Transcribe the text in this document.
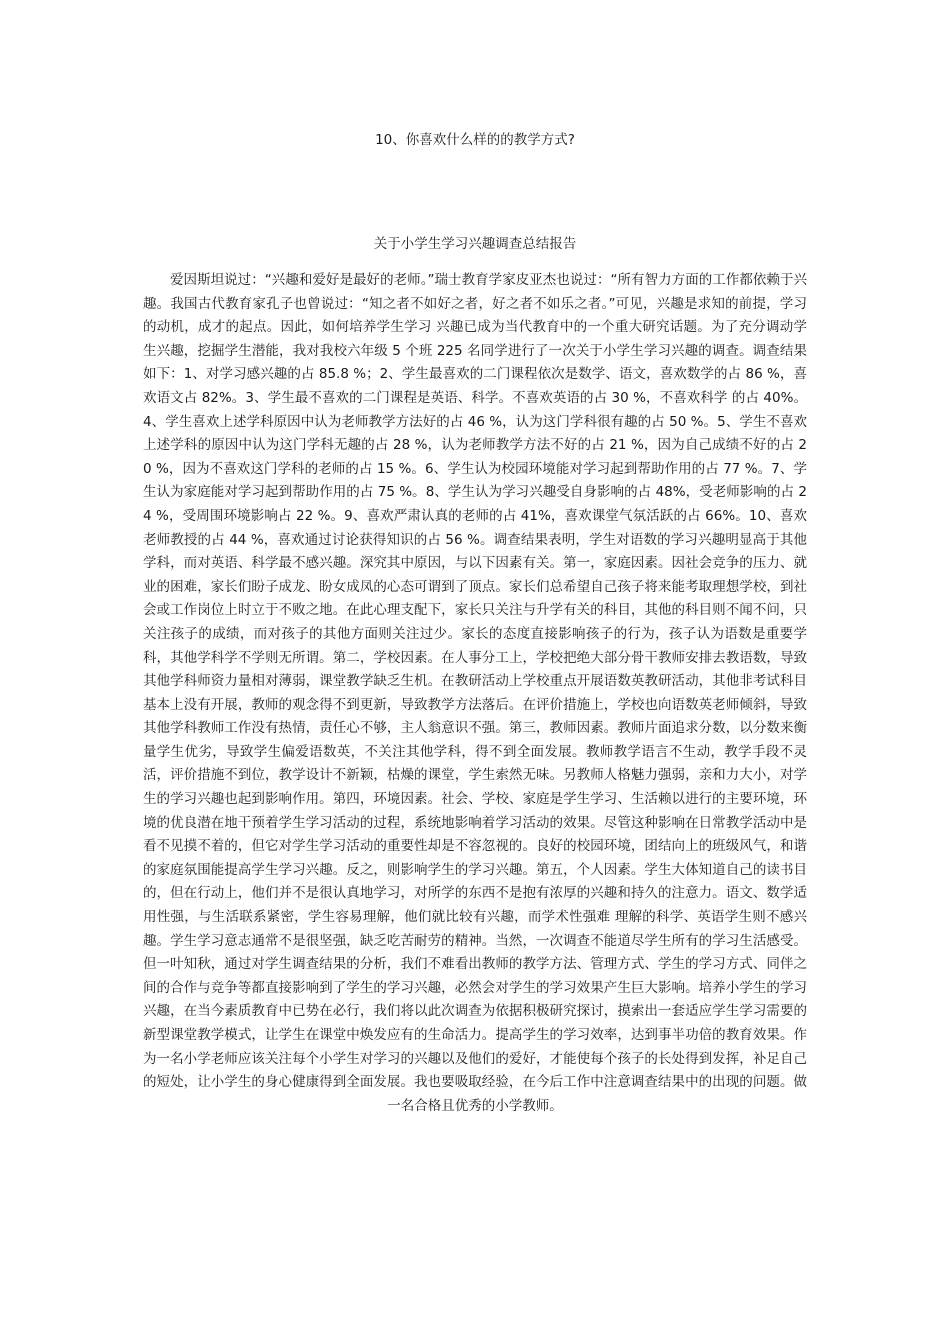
10、你喜欢什么样的的教学方式?
关于小学生学习兴趣调查总结报告

爱因斯坦说过：“兴趣和爱好是最好的老师。”瑞士教育学家皮亚杰也说过：“所有智力方面的工作都依赖于兴趣。我国古代教育家孔子也曾说过：“知之者不如好之者，好之者不如乐之者。”可见，兴趣是求知的前提，学习的动机，成才的起点。因此，如何培养学生学习 兴趣已成为当代教育中的一个重大研究话题。为了充分调动学生兴趣，挖掘学生潜能，我对我校六年级 5 个班 225 名同学进行了一次关于小学生学习兴趣的调查。调查结果如下：1、对学习感兴趣的占 85.8 %；2、学生最喜欢的二门课程依次是数学、语文，喜欢数学的占 86 %，喜欢语文占 82%。3、学生最不喜欢的二门课程是英语、科学。不喜欢英语的占 30 %，不喜欢科学 的占 40%。4、学生喜欢上述学科原因中认为老师教学方法好的占 46 %，认为这门学科很有趣的占 50 %。5、学生不喜欢上述学科的原因中认为这门学科无趣的占 28 %，认为老师教学方法不好的占 21 %，因为自己成绩不好的占 20 %，因为不喜欢这门学科的老师的占 15 %。6、学生认为校园环境能对学习起到帮助作用的占 77 %。7、学生认为家庭能对学习起到帮助作用的占 75 %。8、学生认为学习兴趣受自身影响的占 48%，受老师影响的占 24 %，受周围环境影响占 22 %。9、喜欢严肃认真的老师的占 41%，喜欢课堂气氛活跃的占 66%。10、喜欢老师教授的占 44 %，喜欢通过讨论获得知识的占 56 %。调查结果表明，学生对语数的学习兴趣明显高于其他学科，而对英语、科学最不感兴趣。深究其中原因，与以下因素有关。第一，家庭因素。因社会竞争的压力、就业的困难，家长们盼子成龙、盼女成凤的心态可谓到了顶点。家长们总希望自己孩子将来能考取理想学校，到社会或工作岗位上时立于不败之地。在此心理支配下，家长只关注与升学有关的科目，其他的科目则不闻不问，只关注孩子的成绩，而对孩子的其他方面则关注过少。家长的态度直接影响孩子的行为，孩子认为语数是重要学科，其他学科学不学则无所谓。第二，学校因素。在人事分工上，学校把绝大部分骨干教师安排去教语数，导致其他学科师资力量相对薄弱，课堂教学缺乏生机。在教研活动上学校重点开展语数英教研活动，其他非考试科目基本上没有开展，教师的观念得不到更新，导致教学方法落后。在评价措施上，学校也向语数英老师倾斜，导致其他学科教师工作没有热情，责任心不够，主人翁意识不强。第三，教师因素。教师片面追求分数，以分数来衡量学生优劣，导致学生偏爱语数英，不关注其他学科，得不到全面发展。教师教学语言不生动，教学手段不灵活，评价措施不到位，教学设计不新颖，枯燥的课堂，学生索然无味。另教师人格魅力强弱，亲和力大小，对学生的学习兴趣也起到影响作用。第四，环境因素。社会、学校、家庭是学生学习、生活赖以进行的主要环境，环境的优良潜在地干预着学生学习活动的过程，系统地影响着学习活动的效果。尽管这种影响在日常教学活动中是看不见摸不着的，但它对学生学习活动的重要性却是不容忽视的。良好的校园环境，团结向上的班级风气，和谐的家庭氛围能提高学生学习兴趣。反之，则影响学生的学习兴趣。第五，个人因素。学生大体知道自己的读书目的，但在行动上，他们并不是很认真地学习，对所学的东西不是抱有浓厚的兴趣和持久的注意力。语文、数学适用性强，与生活联系紧密，学生容易理解，他们就比较有兴趣，而学术性强难 理解的科学、英语学生则不感兴趣。学生学习意志通常不是很坚强，缺乏吃苦耐劳的精神。当然，一次调查不能道尽学生所有的学习生活感受。但一叶知秋，通过对学生调查结果的分析，我们不难看出教师的教学方法、管理方式、学生的学习方式、同伴之间的合作与竞争等都直接影响到了学生的学习兴趣，必然会对学生的学习效果产生巨大影响。培养小学生的学习兴趣，在当今素质教育中已势在必行，我们将以此次调查为依据积极研究探讨，摸索出一套适应学生学习需要的新型课堂教学模式，让学生在课堂中焕发应有的生命活力。提高学生的学习效率，达到事半功倍的教育效果。作为一名小学老师应该关注每个小学生对学习的兴趣以及他们的爱好，才能使每个孩子的长处得到发挥，补足自己的短处，让小学生的身心健康得到全面发展。我也要吸取经验，在今后工作中注意调查结果中的出现的问题。做一名合格且优秀的小学教师。
